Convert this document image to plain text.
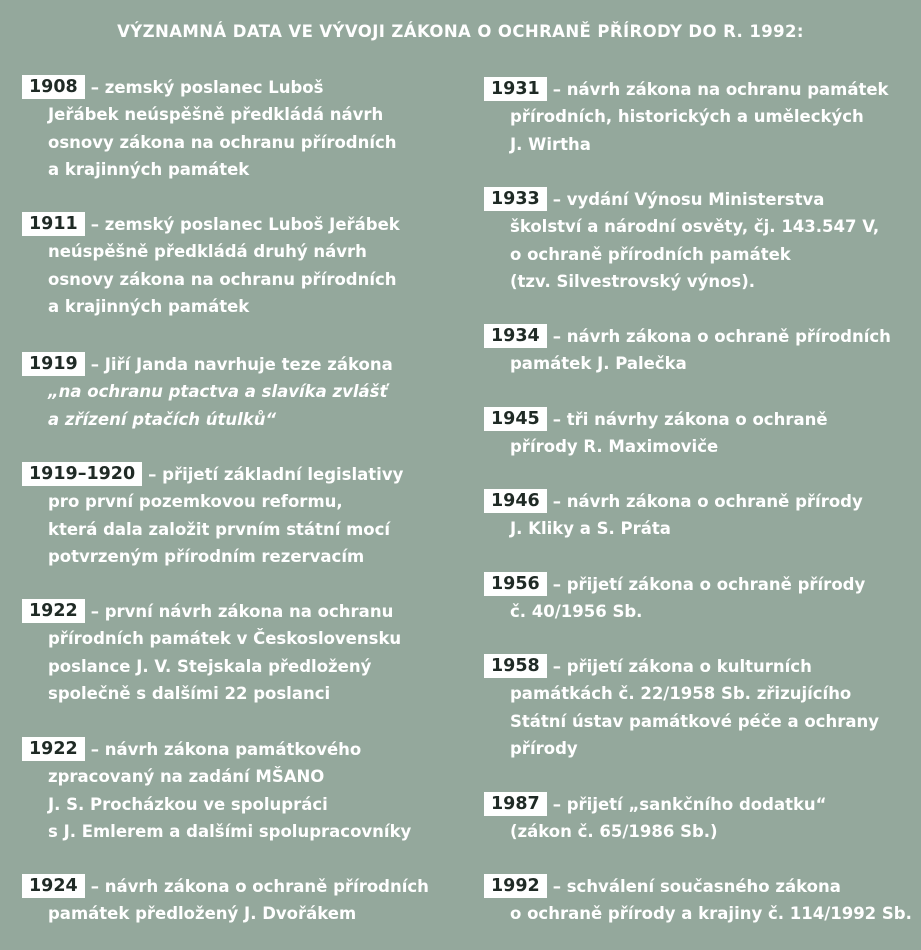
VÝZNAMNÁ DATA VE VÝVOJI ZÁKONA O OCHRANĚ PŘÍRODY DO R. 1992:
1908 – zemský poslanec Luboš
Jeřábek neúspěšně předkládá návrh
osnovy zákona na ochranu přírodních
a krajinných památek
1911 – zemský poslanec Luboš Jeřábek
neúspěšně předkládá druhý návrh
osnovy zákona na ochranu přírodních
a krajinných památek
1919 – Jiří Janda navrhuje teze zákona
„na ochranu ptactva a slavíka zvlášť
a zřízení ptačích útulků“
1919–1920 – přijetí základní legislativy
pro první pozemkovou reformu,
která dala založit prvním státní mocí
potvrzeným přírodním rezervacím
1922 – první návrh zákona na ochranu
přírodních památek v Československu
poslance J. V. Stejskala předložený
společně s dalšími 22 poslanci
1922 – návrh zákona památkového
zpracovaný na zadání MŠANO
J. S. Procházkou ve spolupráci
s J. Emlerem a dalšími spolupracovníky
1924 – návrh zákona o ochraně přírodních
památek předložený J. Dvořákem
1931 – návrh zákona na ochranu památek
přírodních, historických a uměleckých
J. Wirtha
1933 – vydání Výnosu Ministerstva
školství a národní osvěty, čj. 143.547 V,
o ochraně přírodních památek
(tzv. Silvestrovský výnos).
1934 – návrh zákona o ochraně přírodních
památek J. Palečka
1945 – tři návrhy zákona o ochraně
přírody R. Maximoviče
1946 – návrh zákona o ochraně přírody
J. Kliky a S. Práta
1956 – přijetí zákona o ochraně přírody
č. 40/1956 Sb.
1958 – přijetí zákona o kulturních
památkách č. 22/1958 Sb. zřizujícího
Státní ústav památkové péče a ochrany
přírody
1987 – přijetí „sankčního dodatku“
(zákon č. 65/1986 Sb.)
1992 – schválení současného zákona
o ochraně přírody a krajiny č. 114/1992 Sb.
